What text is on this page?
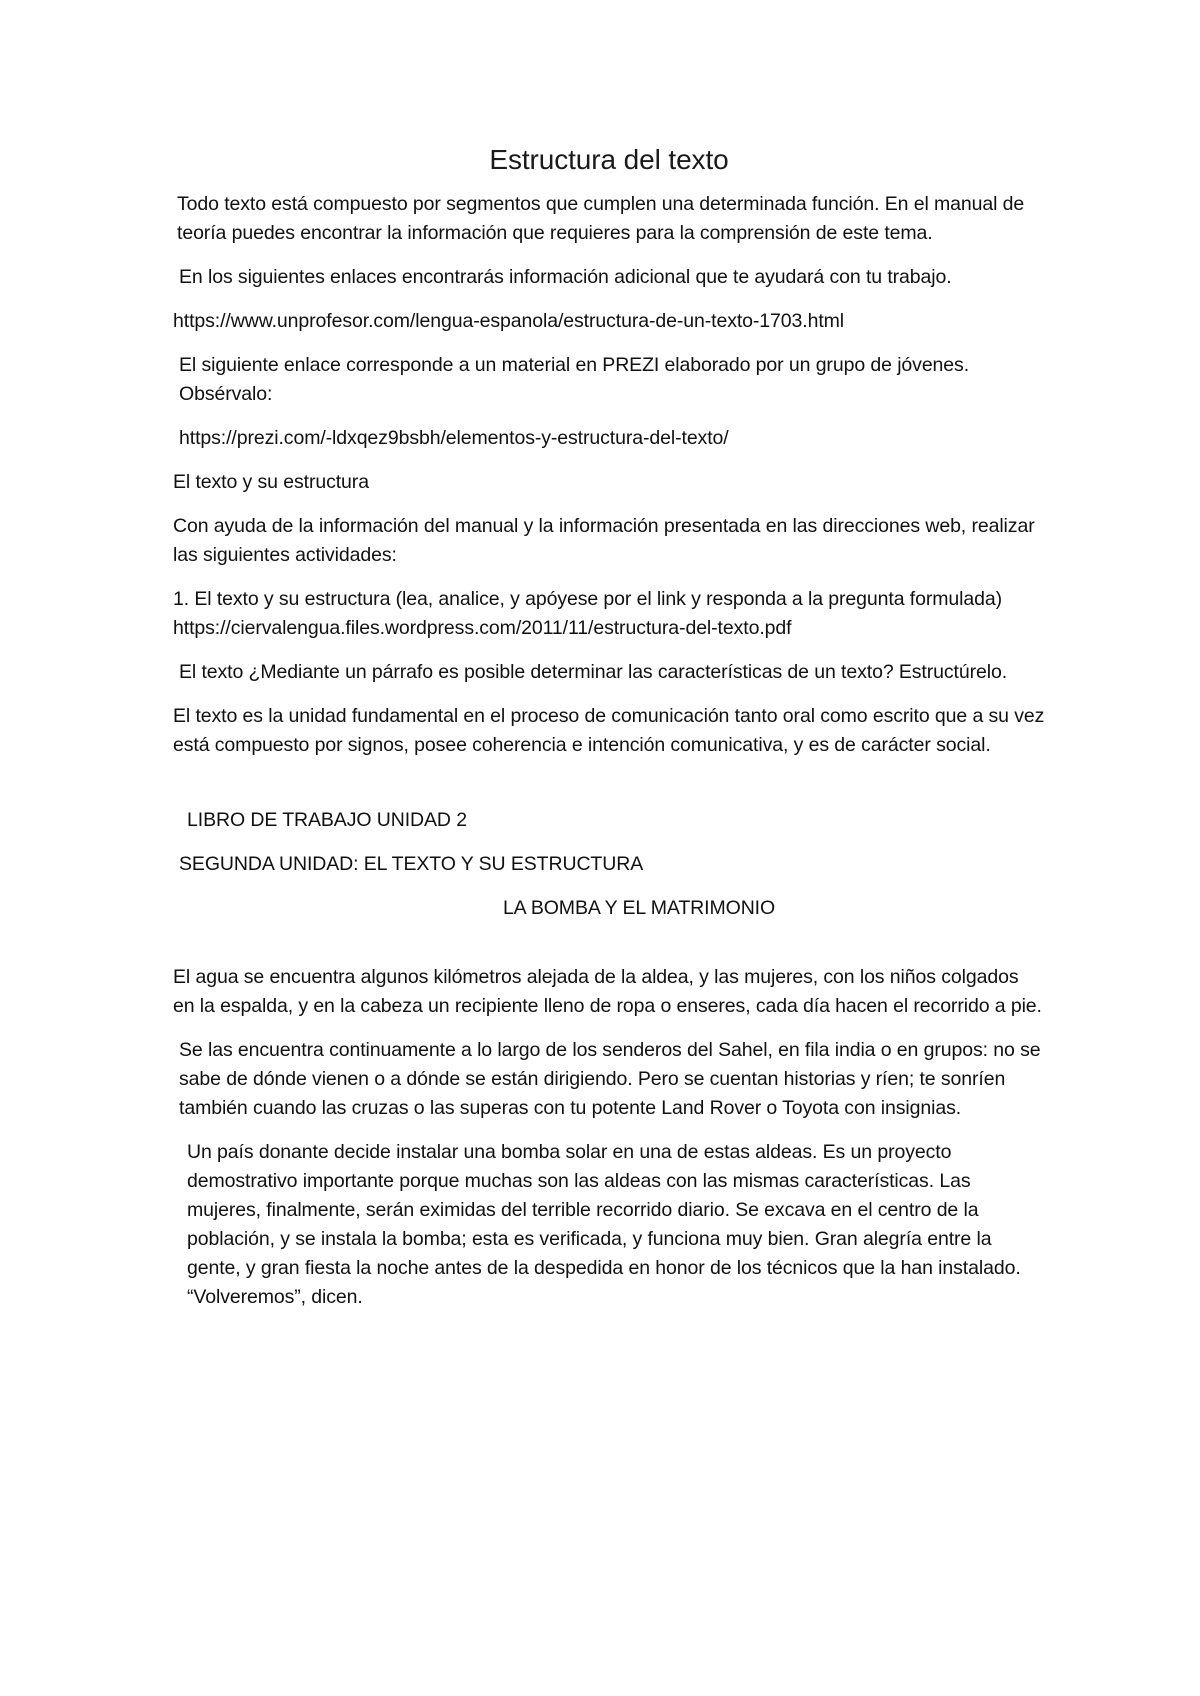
Estructura del texto

Todo texto está compuesto por segmentos que cumplen una determinada función. En el manual de teoría puedes encontrar la información que requieres para la comprensión de este tema.

En los siguientes enlaces encontrarás información adicional que te ayudará con tu trabajo.

https://www.unprofesor.com/lengua-espanola/estructura-de-un-texto-1703.html

El siguiente enlace corresponde a un material en PREZI elaborado por un grupo de jóvenes. Obsérvalo:

https://prezi.com/-ldxqez9bsbh/elementos-y-estructura-del-texto/

El texto y su estructura

Con ayuda de la información del manual y la información presentada en las direcciones web, realizar las siguientes actividades:

1. El texto y su estructura (lea, analice, y apóyese por el link y responda a la pregunta formulada) https://ciervalengua.files.wordpress.com/2011/11/estructura-del-texto.pdf

El texto ¿Mediante un párrafo es posible determinar las características de un texto? Estructúrelo.

El texto es la unidad fundamental en el proceso de comunicación tanto oral como escrito que a su vez está compuesto por signos, posee coherencia e intención comunicativa, y es de carácter social.

LIBRO DE TRABAJO UNIDAD 2

SEGUNDA UNIDAD: EL TEXTO Y SU ESTRUCTURA

LA BOMBA Y EL MATRIMONIO

El agua se encuentra algunos kilómetros alejada de la aldea, y las mujeres, con los niños colgados en la espalda, y en la cabeza un recipiente lleno de ropa o enseres, cada día hacen el recorrido a pie.

Se las encuentra continuamente a lo largo de los senderos del Sahel, en fila india o en grupos: no se sabe de dónde vienen o a dónde se están dirigiendo. Pero se cuentan historias y ríen; te sonríen también cuando las cruzas o las superas con tu potente Land Rover o Toyota con insignias.

Un país donante decide instalar una bomba solar en una de estas aldeas. Es un proyecto demostrativo importante porque muchas son las aldeas con las mismas características. Las mujeres, finalmente, serán eximidas del terrible recorrido diario. Se excava en el centro de la población, y se instala la bomba; esta es verificada, y funciona muy bien. Gran alegría entre la gente, y gran fiesta la noche antes de la despedida en honor de los técnicos que la han instalado. “Volveremos”, dicen.
